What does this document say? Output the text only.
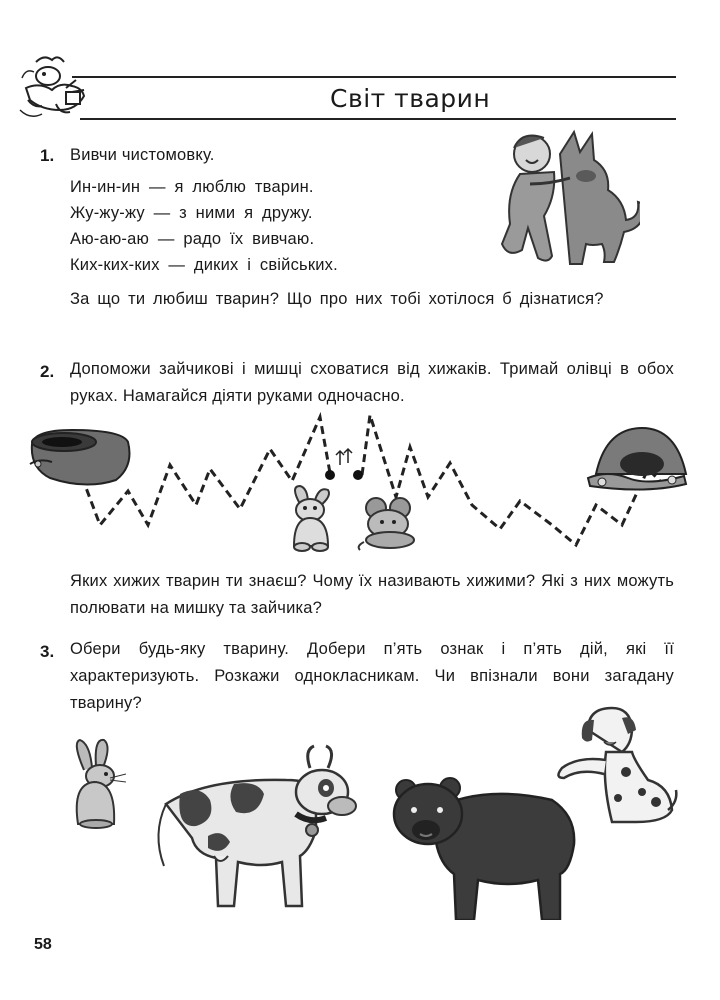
Світ тварин
1. Вивчи чистомовку.
Ин-ин-ин — я люблю тварин.
Жу-жу-жу — з ними я дружу.
Аю-аю-аю — радо їх вивчаю.
Ких-ких-ких — диких і свійських.
За що ти любиш тварин? Що про них тобі хотілося б дізнатися?
2. Допоможи зайчикові і мишці сховатися від хижаків. Тримай олівці в обох руках. Намагайся діяти руками одночасно.
Яких хижих тварин ти знаєш? Чому їх називають хижими? Які з них можуть полювати на мишку та зайчика?
3. Обери будь-яку тварину. Добери п’ять ознак і п’ять дій, які її характеризують. Розкажи однокласникам. Чи впізнали вони загадану тварину?
58
